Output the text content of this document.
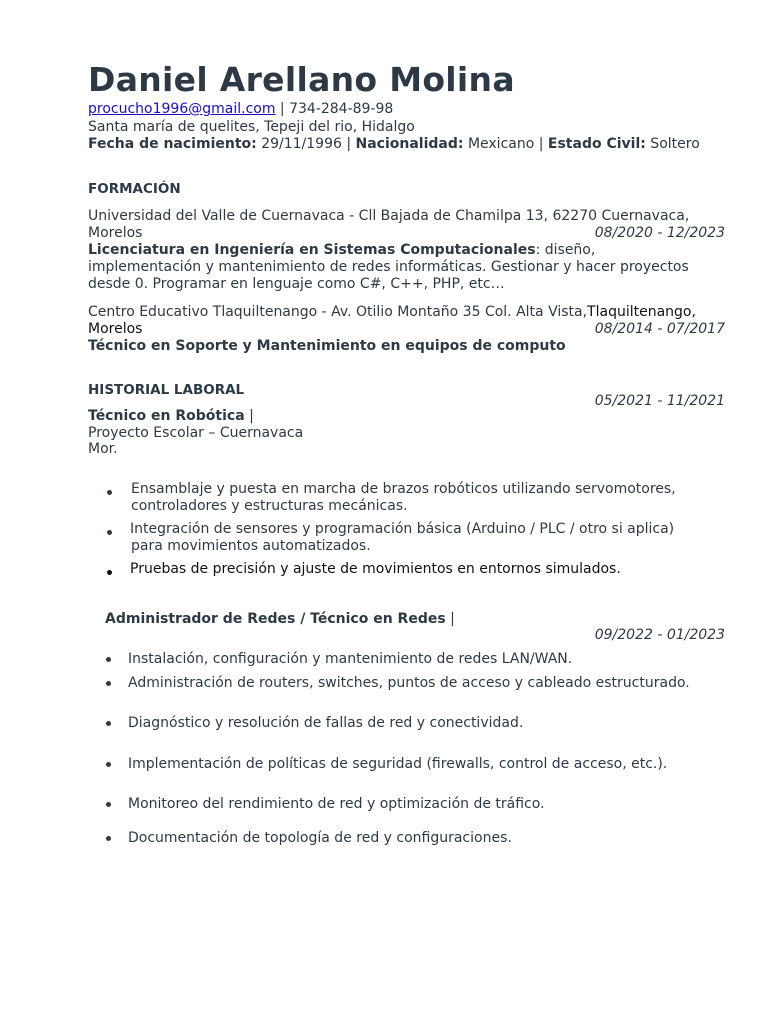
Daniel Arellano Molina
procucho1996@gmail.com | 734-284-89-98
Santa maría de quelites, Tepeji del rio, Hidalgo
Fecha de nacimiento: 29/11/1996 | Nacionalidad: Mexicano | Estado Civil: Soltero
FORMACIÓN
Universidad del Valle de Cuernavaca - Cll Bajada de Chamilpa 13, 62270 Cuernavaca,
Morelos	08/2020 - 12/2023
Licenciatura en Ingeniería en Sistemas Computacionales: diseño,
implementación y mantenimiento de redes informáticas. Gestionar y hacer proyectos
desde 0. Programar en lenguaje como C#, C++, PHP, etc…
Centro Educativo Tlaquiltenango - Av. Otilio Montaño 35 Col. Alta Vista,Tlaquiltenango,
Morelos	08/2014 - 07/2017
Técnico en Soporte y Mantenimiento en equipos de computo
HISTORIAL LABORAL
05/2021 - 11/2021
Técnico en Robótica |
Proyecto Escolar – Cuernavaca
Mor.
Ensamblaje y puesta en marcha de brazos robóticos utilizando servomotores,
controladores y estructuras mecánicas.
Integración de sensores y programación básica (Arduino / PLC / otro si aplica)
para movimientos automatizados.
Pruebas de precisión y ajuste de movimientos en entornos simulados.
Administrador de Redes / Técnico en Redes |
09/2022 - 01/2023
Instalación, configuración y mantenimiento de redes LAN/WAN.
Administración de routers, switches, puntos de acceso y cableado estructurado.
Diagnóstico y resolución de fallas de red y conectividad.
Implementación de políticas de seguridad (firewalls, control de acceso, etc.).
Monitoreo del rendimiento de red y optimización de tráfico.
Documentación de topología de red y configuraciones.
